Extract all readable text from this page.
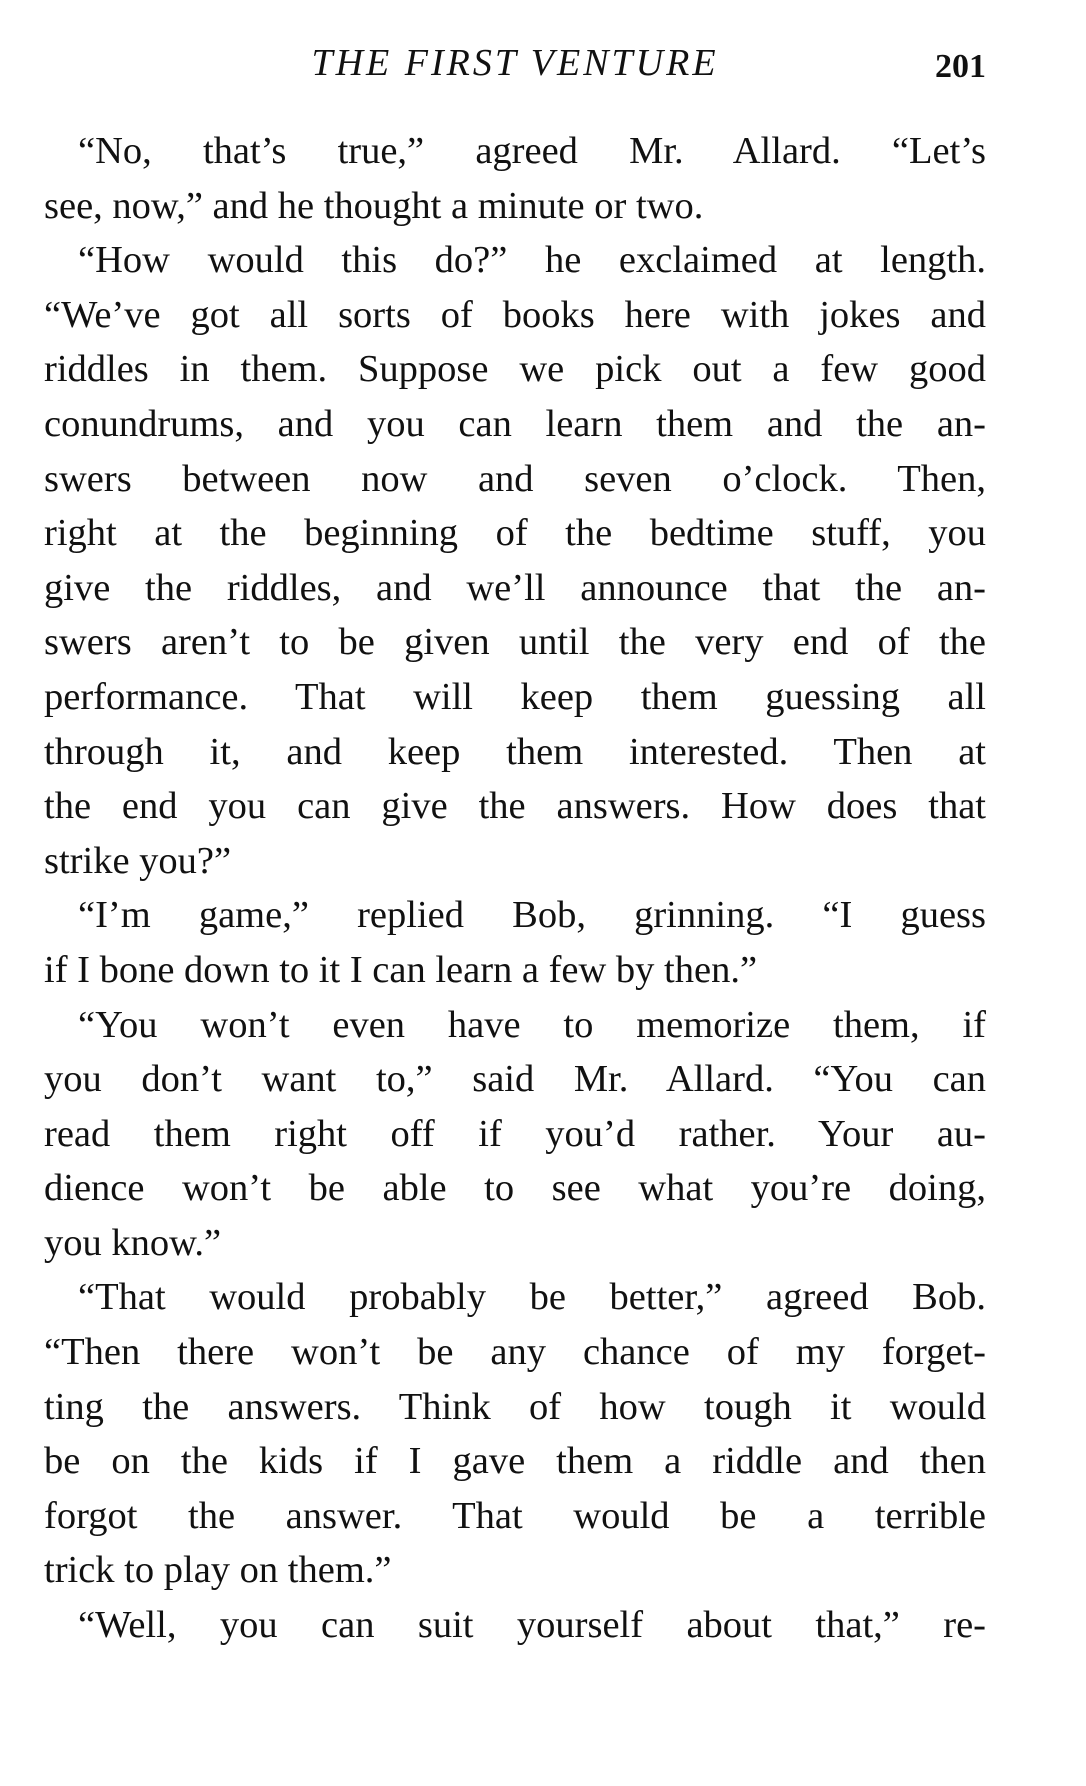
THE FIRST VENTURE	201
“No, that’s true,” agreed Mr. Allard. “Let’s
see, now,” and he thought a minute or two.
“How would this do?” he exclaimed at length.
“We’ve got all sorts of books here with jokes and
riddles in them. Suppose we pick out a few good
conundrums, and you can learn them and the an-
swers between now and seven o’clock. Then,
right at the beginning of the bedtime stuff, you
give the riddles, and we’ll announce that the an-
swers aren’t to be given until the very end of the
performance. That will keep them guessing all
through it, and keep them interested. Then at
the end you can give the answers. How does that
strike you?”
“I’m game,” replied Bob, grinning. “I guess
if I bone down to it I can learn a few by then.”
“You won’t even have to memorize them, if
you don’t want to,” said Mr. Allard. “You can
read them right off if you’d rather. Your au-
dience won’t be able to see what you’re doing,
you know.”
“That would probably be better,” agreed Bob.
“Then there won’t be any chance of my forget-
ting the answers. Think of how tough it would
be on the kids if I gave them a riddle and then
forgot the answer. That would be a terrible
trick to play on them.”
“Well, you can suit yourself about that,” re-
